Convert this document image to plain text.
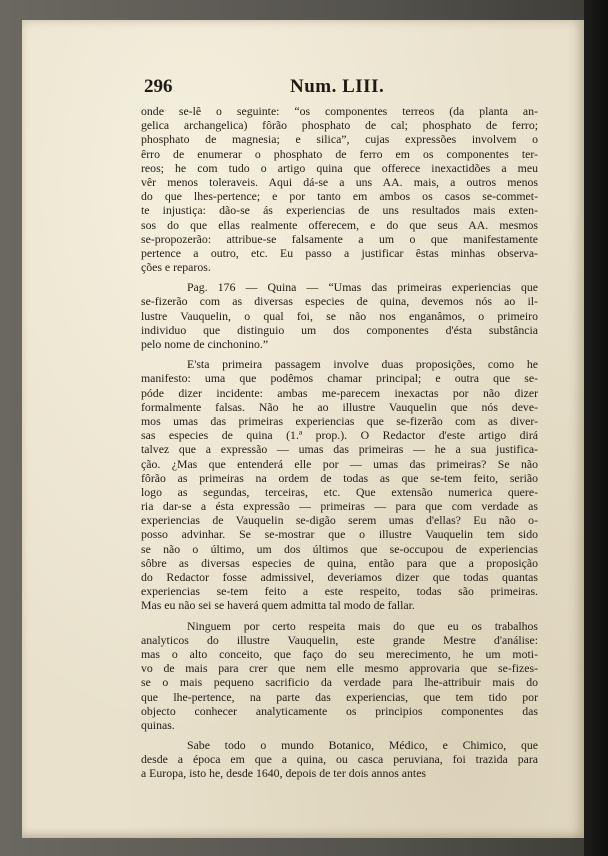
296	Num. LIII.
onde se-lê o seguinte: “os componentes terreos (da planta an-
gelica archangelica) fôrão phosphato de cal; phosphato de ferro;
phosphato de magnesia; e silica”, cujas expressões involvem o
êrro de enumerar o phosphato de ferro em os componentes ter-
reos; he com tudo o artigo quina que offerece inexactidões a meu
vêr menos toleraveis. Aqui dá-se a uns AA. mais, a outros menos
do que lhes-pertence; e por tanto em ambos os casos se-commet-
te injustiça: dão-se ás experiencias de uns resultados mais exten-
sos do que ellas realmente offerecem, e do que seus AA. mesmos
se-propozerão: attribue-se falsamente a um o que manifestamente
pertence a outro, etc. Eu passo a justificar êstas minhas observa-
ções e reparos.
Pag. 176 — Quina — “Umas das primeiras experiencias que
se-fizerão com as diversas especies de quina, devemos nós ao il-
lustre Vauquelin, o qual foi, se não nos enganâmos, o primeiro
individuo que distinguio um dos componentes d'ésta substância
pelo nome de cinchonino.”
E'sta primeira passagem involve duas proposições, como he
manifesto: uma que podêmos chamar principal; e outra que se-
póde dizer incidente: ambas me-parecem inexactas por não dizer
formalmente falsas. Não he ao illustre Vauquelin que nós deve-
mos umas das primeiras experiencias que se-fizerão com as diver-
sas especies de quina (1.ª prop.). O Redactor d'este artigo dirá
talvez que a expressão — umas das primeiras — he a sua justifica-
ção. ¿Mas que entenderá elle por — umas das primeiras? Se não
fôrão as primeiras na ordem de todas as que se-tem feito, serião
logo as segundas, terceiras, etc. Que extensão numerica quere-
ria dar-se a ésta expressão — primeiras — para que com verdade as
experiencias de Vauquelin se-digão serem umas d'ellas? Eu não o-
posso advinhar. Se se-mostrar que o illustre Vauquelin tem sido
se não o último, um dos últimos que se-occupou de experiencias
sôbre as diversas especies de quina, então para que a proposição
do Redactor fosse admissivel, deveriamos dizer que todas quantas
experiencias se-tem feito a este respeito, todas são primeiras.
Mas eu não sei se haverá quem admitta tal modo de fallar.
Ninguem por certo respeita mais do que eu os trabalhos
analyticos do illustre Vauquelin, este grande Mestre d'análise:
mas o alto conceito, que faço do seu merecimento, he um moti-
vo de mais para crer que nem elle mesmo approvaria que se-fizes-
se o mais pequeno sacrificio da verdade para lhe-attribuir mais do
que lhe-pertence, na parte das experiencias, que tem tido por
objecto conhecer analyticamente os principios componentes das
quinas.
Sabe todo o mundo Botanico, Médico, e Chimico, que
desde a época em que a quina, ou casca peruviana, foi trazida para
a Europa, isto he, desde 1640, depois de ter dois annos antes
